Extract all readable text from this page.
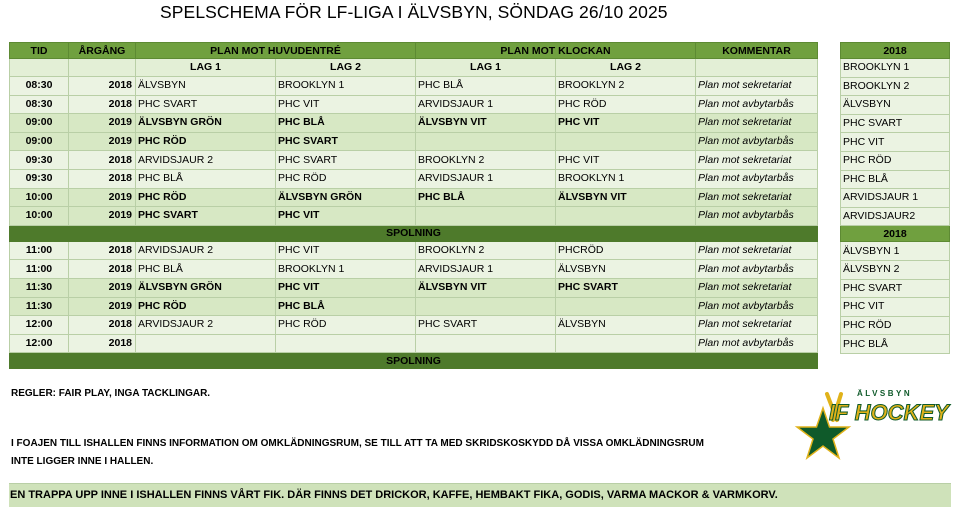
SPELSCHEMA FÖR LF-LIGA I ÄLVSBYN, SÖNDAG 26/10 2025
TID	ÅRGÅNG	PLAN MOT HUVUDENTRÉ		PLAN MOT KLOCKAN		KOMMENTAR
		LAG 1	LAG 2	LAG 1	LAG 2	
08:30	2018	ÄLVSBYN	BROOKLYN 1	PHC BLÅ	BROOKLYN 2	Plan mot sekretariat
08:30	2018	PHC SVART	PHC VIT	ARVIDSJAUR 1	PHC RÖD	Plan mot avbytarbås
09:00	2019	ÄLVSBYN GRÖN	PHC BLÅ	ÄLVSBYN VIT	PHC VIT	Plan mot sekretariat
09:00	2019	PHC RÖD	PHC SVART			Plan mot avbytarbås
09:30	2018	ARVIDSJAUR 2	PHC SVART	BROOKLYN 2	PHC VIT	Plan mot sekretariat
09:30	2018	PHC BLÅ	PHC RÖD	ARVIDSJAUR 1	BROOKLYN 1	Plan mot avbytarbås
10:00	2019	PHC RÖD	ÄLVSBYN GRÖN	PHC BLÅ	ÄLVSBYN VIT	Plan mot sekretariat
10:00	2019	PHC SVART	PHC VIT			Plan mot avbytarbås
SPOLNING						
11:00	2018	ARVIDSJAUR 2	PHC VIT	BROOKLYN 2	PHCRÖD	Plan mot sekretariat
11:00	2018	PHC BLÅ	BROOKLYN 1	ARVIDSJAUR 1	ÄLVSBYN	Plan mot avbytarbås
11:30	2019	ÄLVSBYN GRÖN	PHC VIT	ÄLVSBYN VIT	PHC SVART	Plan mot sekretariat
11:30	2019	PHC RÖD	PHC BLÅ			Plan mot avbytarbås
12:00	2018	ARVIDSJAUR 2	PHC RÖD	PHC SVART	ÄLVSBYN	Plan mot sekretariat
12:00	2018					Plan mot avbytarbås
SPOLNING						
2018
BROOKLYN 1
BROOKLYN 2
ÄLVSBYN
PHC SVART
PHC VIT
PHC RÖD
PHC BLÅ
ARVIDSJAUR 1
ARVIDSJAUR2
2018
ÄLVSBYN 1
ÄLVSBYN 2
PHC SVART
PHC VIT
PHC RÖD
PHC BLÅ
REGLER: FAIR PLAY, INGA TACKLINGAR.
I FOAJEN TILL ISHALLEN FINNS INFORMATION OM OMKLÄDNINGSRUM, SE TILL ATT TA MED SKRIDSKOSKYDD DÅ VISSA OMKLÄDNINGSRUM INTE LIGGER INNE I HALLEN.
ÄLVSBYN
IF HOCKEY
EN TRAPPA UPP INNE I ISHALLEN FINNS VÅRT FIK. DÄR FINNS DET DRICKOR, KAFFE, HEMBAKT FIKA, GODIS, VARMA MACKOR & VARMKORV.
